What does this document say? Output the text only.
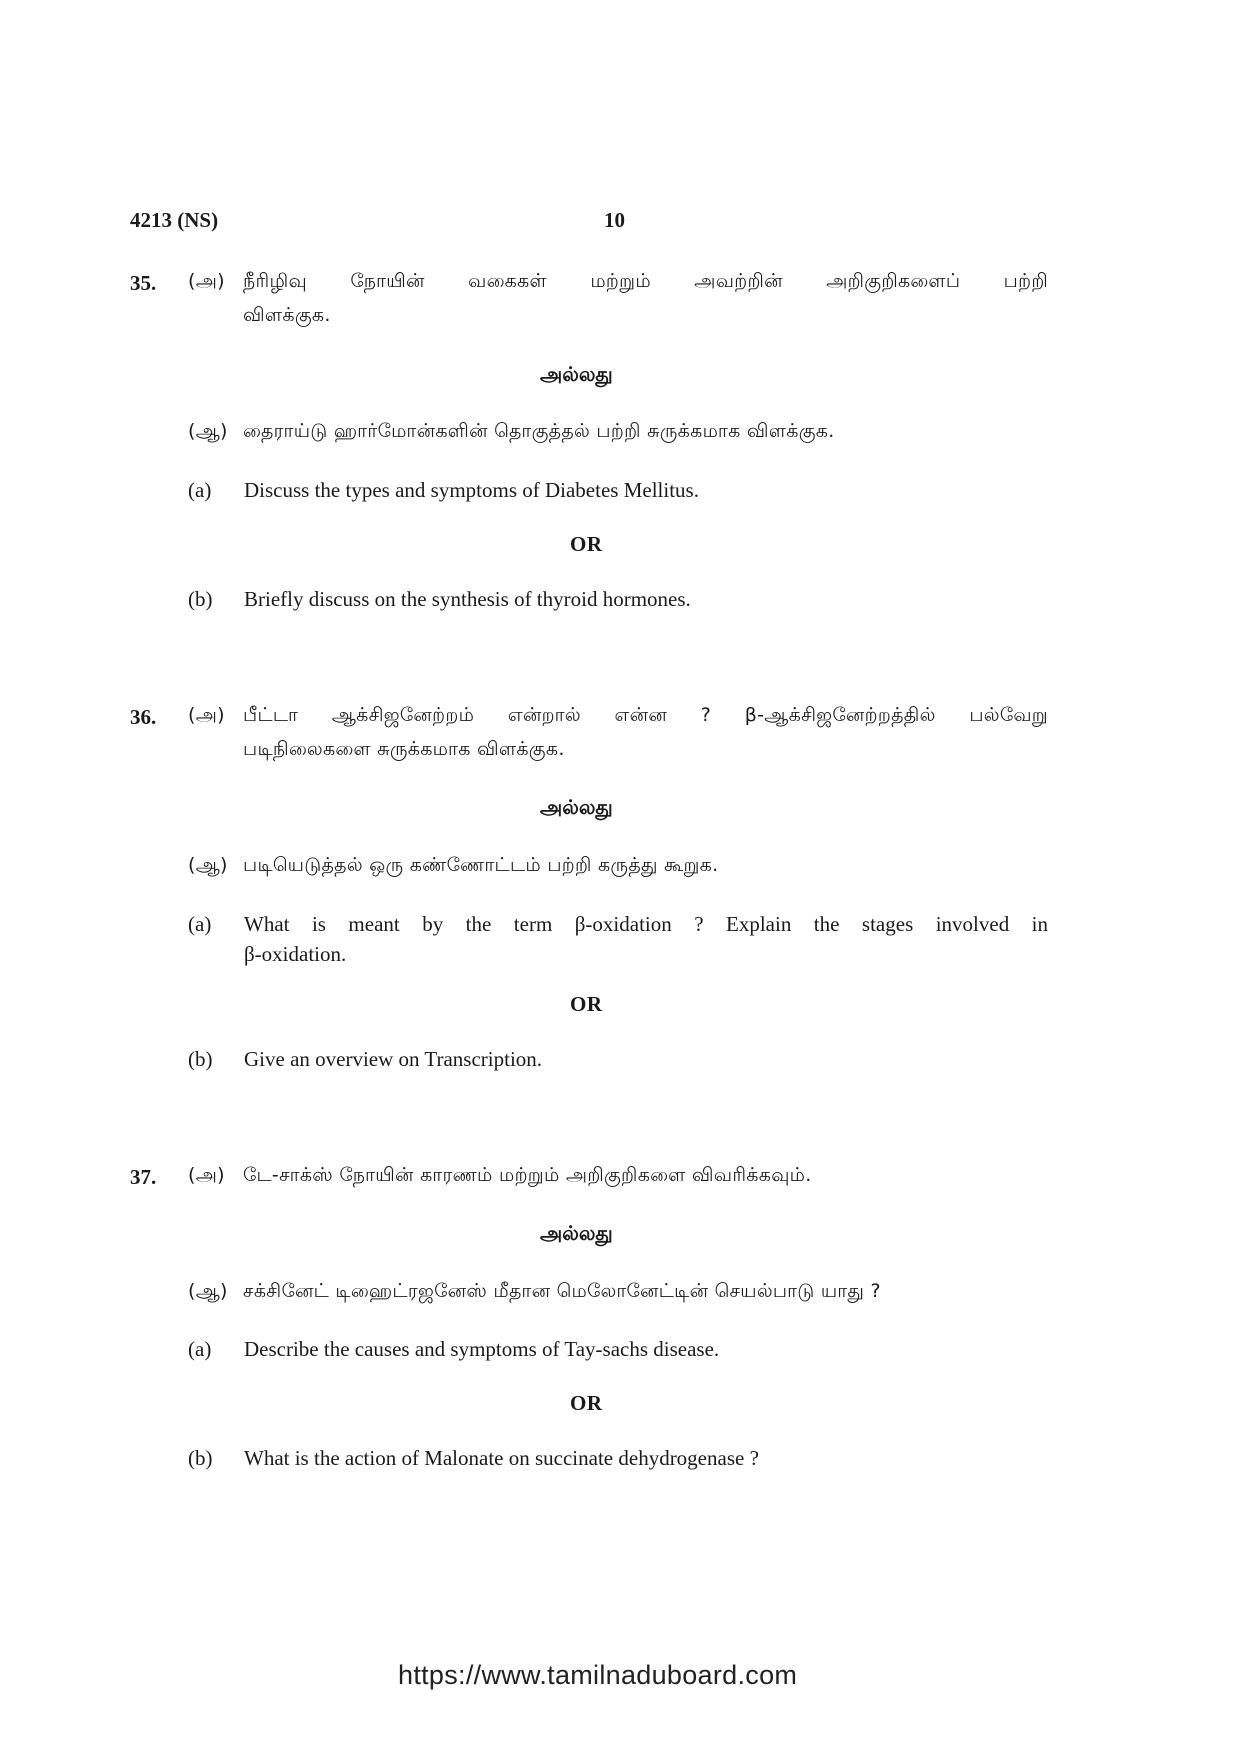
4213 (NS)	10
35. (அ) நீரிழிவு நோயின் வகைகள் மற்றும் அவற்றின் அறிகுறிகளைப் பற்றி
விளக்குக.
அல்லது
(ஆ) தைராய்டு ஹார்மோன்களின் தொகுத்தல் பற்றி சுருக்கமாக விளக்குக.
(a) Discuss the types and symptoms of Diabetes Mellitus.
OR
(b) Briefly discuss on the synthesis of thyroid hormones.
36. (அ) பீட்டா ஆக்சிஜனேற்றம் என்றால் என்ன ? β-ஆக்சிஜனேற்றத்தில் பல்வேறு
படிநிலைகளை சுருக்கமாக விளக்குக.
அல்லது
(ஆ) படியெடுத்தல் ஒரு கண்ணோட்டம் பற்றி கருத்து கூறுக.
(a) What is meant by the term β-oxidation ? Explain the stages involved in
β-oxidation.
OR
(b) Give an overview on Transcription.
37. (அ) டே-சாக்ஸ் நோயின் காரணம் மற்றும் அறிகுறிகளை விவரிக்கவும்.
அல்லது
(ஆ) சக்சினேட் டிஹைட்ரஜனேஸ் மீதான மெலோனேட்டின் செயல்பாடு யாது ?
(a) Describe the causes and symptoms of Tay-sachs disease.
OR
(b) What is the action of Malonate on succinate dehydrogenase ?
https://www.tamilnaduboard.com
